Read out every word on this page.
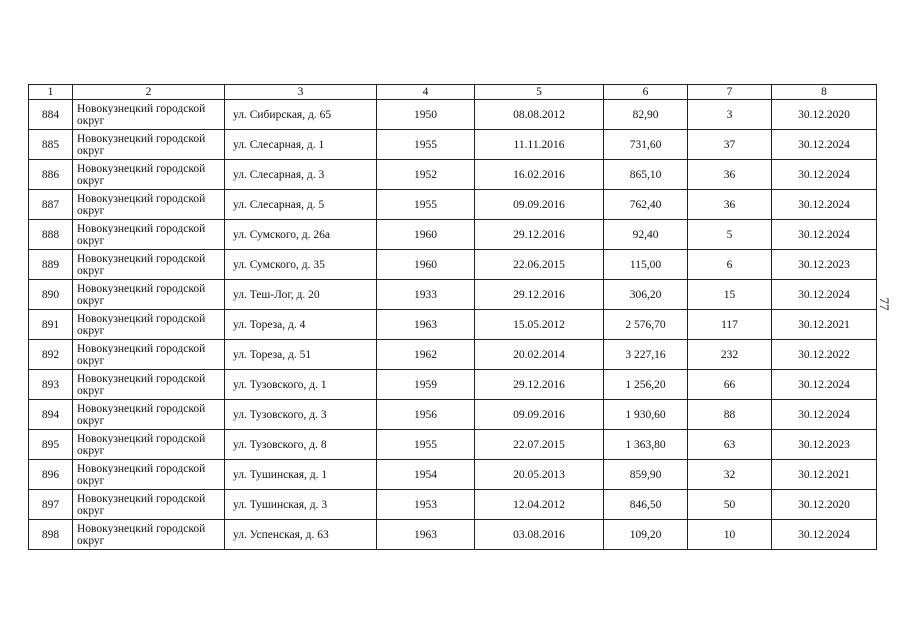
1	2	3	4	5	6	7	8
884	Новокузнецкий городской округ	ул. Сибирская, д. 65	1950	08.08.2012	82,90	3	30.12.2020
885	Новокузнецкий городской округ	ул. Слесарная, д. 1	1955	11.11.2016	731,60	37	30.12.2024
886	Новокузнецкий городской округ	ул. Слесарная, д. 3	1952	16.02.2016	865,10	36	30.12.2024
887	Новокузнецкий городской округ	ул. Слесарная, д. 5	1955	09.09.2016	762,40	36	30.12.2024
888	Новокузнецкий городской округ	ул. Сумского, д. 26а	1960	29.12.2016	92,40	5	30.12.2024
889	Новокузнецкий городской округ	ул. Сумского, д. 35	1960	22.06.2015	115,00	6	30.12.2023
890	Новокузнецкий городской округ	ул. Теш-Лог, д. 20	1933	29.12.2016	306,20	15	30.12.2024
891	Новокузнецкий городской округ	ул. Тореза, д. 4	1963	15.05.2012	2 576,70	117	30.12.2021
892	Новокузнецкий городской округ	ул. Тореза, д. 51	1962	20.02.2014	3 227,16	232	30.12.2022
893	Новокузнецкий городской округ	ул. Тузовского, д. 1	1959	29.12.2016	1 256,20	66	30.12.2024
894	Новокузнецкий городской округ	ул. Тузовского, д. 3	1956	09.09.2016	1 930,60	88	30.12.2024
895	Новокузнецкий городской округ	ул. Тузовского, д. 8	1955	22.07.2015	1 363,80	63	30.12.2023
896	Новокузнецкий городской округ	ул. Тушинская, д. 1	1954	20.05.2013	859,90	32	30.12.2021
897	Новокузнецкий городской округ	ул. Тушинская, д. 3	1953	12.04.2012	846,50	50	30.12.2020
898	Новокузнецкий городской округ	ул. Успенская, д. 63	1963	03.08.2016	109,20	10	30.12.2024
77
